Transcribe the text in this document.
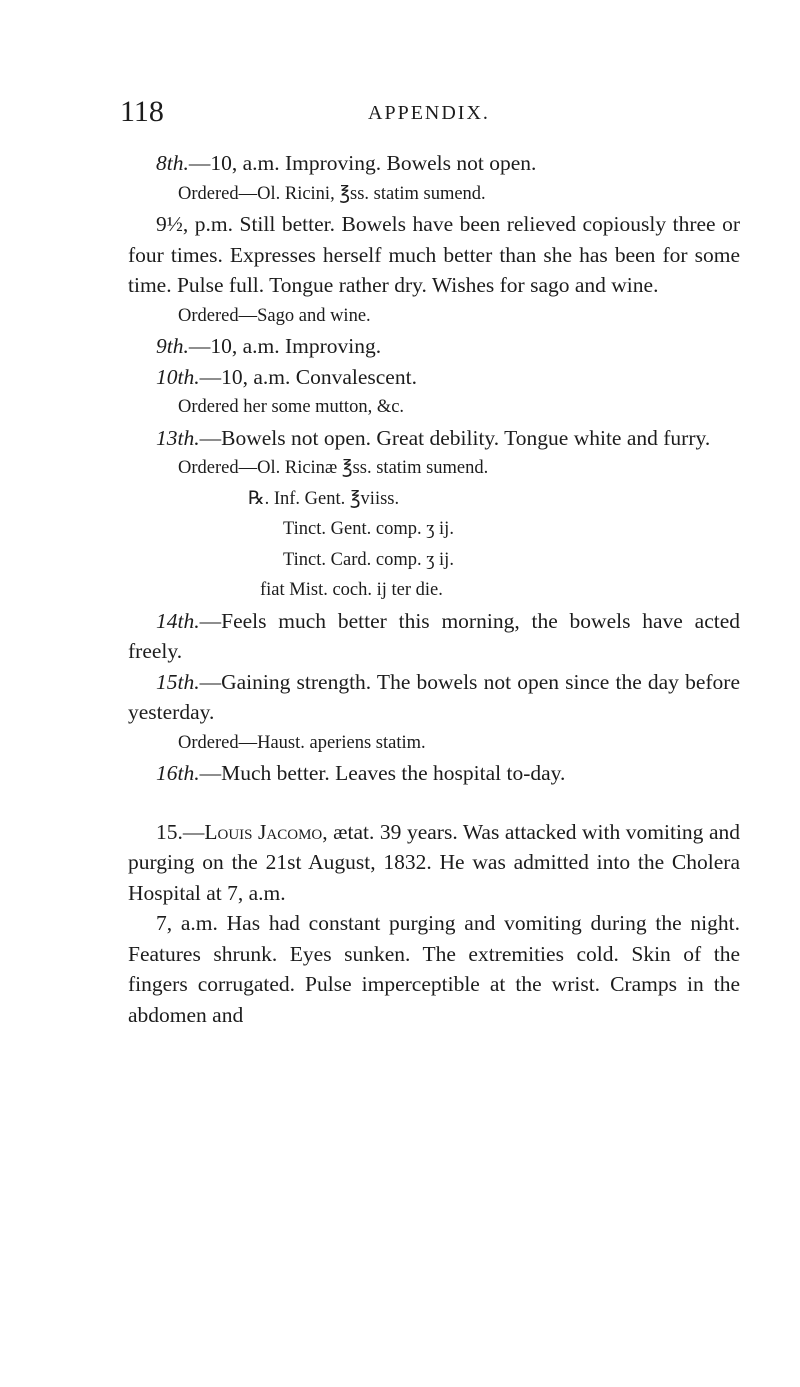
118	APPENDIX.

8th.—10, a.m. Improving. Bowels not open.

Ordered—Ol. Ricini, ℥ss. statim sumend.

9½, p.m. Still better. Bowels have been relieved copiously three or four times. Expresses herself much better than she has been for some time. Pulse full. Tongue rather dry. Wishes for sago and wine.

Ordered—Sago and wine.

9th.—10, a.m. Improving.

10th.—10, a.m. Convalescent.

Ordered her some mutton, &c.

13th.—Bowels not open. Great debility. Tongue white and furry.

Ordered—Ol. Ricinæ ℥ss. statim sumend.

℞. Inf. Gent. ℥viiss.

Tinct. Gent. comp. ʒ ij.

Tinct. Card. comp. ʒ ij.

fiat Mist. coch. ij ter die.

14th.—Feels much better this morning, the bowels have acted freely.

15th.—Gaining strength. The bowels not open since the day before yesterday.

Ordered—Haust. aperiens statim.

16th.—Much better. Leaves the hospital to-day.

15.—Louis Jacomo, ætat. 39 years. Was attacked with vomiting and purging on the 21st August, 1832. He was admitted into the Cholera Hospital at 7, a.m.

7, a.m. Has had constant purging and vomiting during the night. Features shrunk. Eyes sunken. The extremities cold. Skin of the fingers corrugated. Pulse imperceptible at the wrist. Cramps in the abdomen and
